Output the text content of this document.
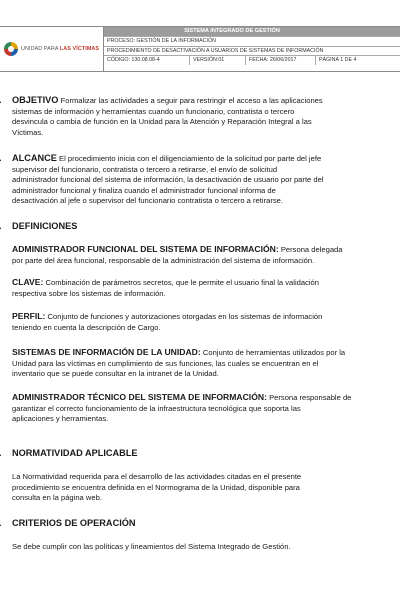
UNIDAD PARA LAS VÍCTIMAS
SISTEMA INTEGRADO DE GESTIÓN
PROCESO: GESTIÓN DE LA INFORMACIÓN
PROCEDIMIENTO DE DESACTIVACIÓN A USUARIOS DE SISTEMAS DE INFORMACIÓN
CÓDIGO: 130.08.08-4	VERSIÓN:01	FECHA: 26/06/2017	PÁGINA 1 DE 4

OBJETIVO Formalizar las actividades a seguir para restringir el acceso a las aplicaciones
sistemas de información y herramientas cuando un funcionario, contratista o tercero
desvincula o cambia de función en la Unidad para la Atención y Reparación Integral a las
Víctimas.

ALCANCE El procedimiento inicia con el diligenciamiento de la solicitud por parte del jefe
supervisor del funcionario, contratista o tercero a retirarse, el envío de solicitud
administrador funcional del sistema de información, la desactivación de usuario por parte del
administrador funcional y finaliza cuando el administrador funcional informa de
desactivación al jefe o supervisor del funcionario contratista o tercero a retirarse.

DEFINICIONES

ADMINISTRADOR FUNCIONAL DEL SISTEMA DE INFORMACIÓN: Persona delegada
por parte del área funcional, responsable de la administración del sistema de información.

CLAVE: Combinación de parámetros secretos, que le permite el usuario final la validación
respectiva sobre los sistemas de información.

PERFIL: Conjunto de funciones y autorizaciones otorgadas en los sistemas de información
teniendo en cuenta la descripción de Cargo.

SISTEMAS DE INFORMACIÓN DE LA UNIDAD: Conjunto de herramientas utilizados por la
Unidad para las víctimas en cumplimiento de sus funciones, las cuales se encuentran en el
inventario que se puede consultar en la intranet de la Unidad.

ADMINISTRADOR TÉCNICO DEL SISTEMA DE INFORMACIÓN: Persona responsable de
garantizar el correcto funcionamiento de la infraestructura tecnológica que soporta las
aplicaciones y herramientas.

NORMATIVIDAD APLICABLE

La Normatividad requerida para el desarrollo de las actividades citadas en el presente
procedimiento se encuentra definida en el Normograma de la Unidad, disponible para
consulta en la página web.

CRITERIOS DE OPERACIÓN

Se debe cumplir con las políticas y lineamientos del Sistema Integrado de Gestión.
